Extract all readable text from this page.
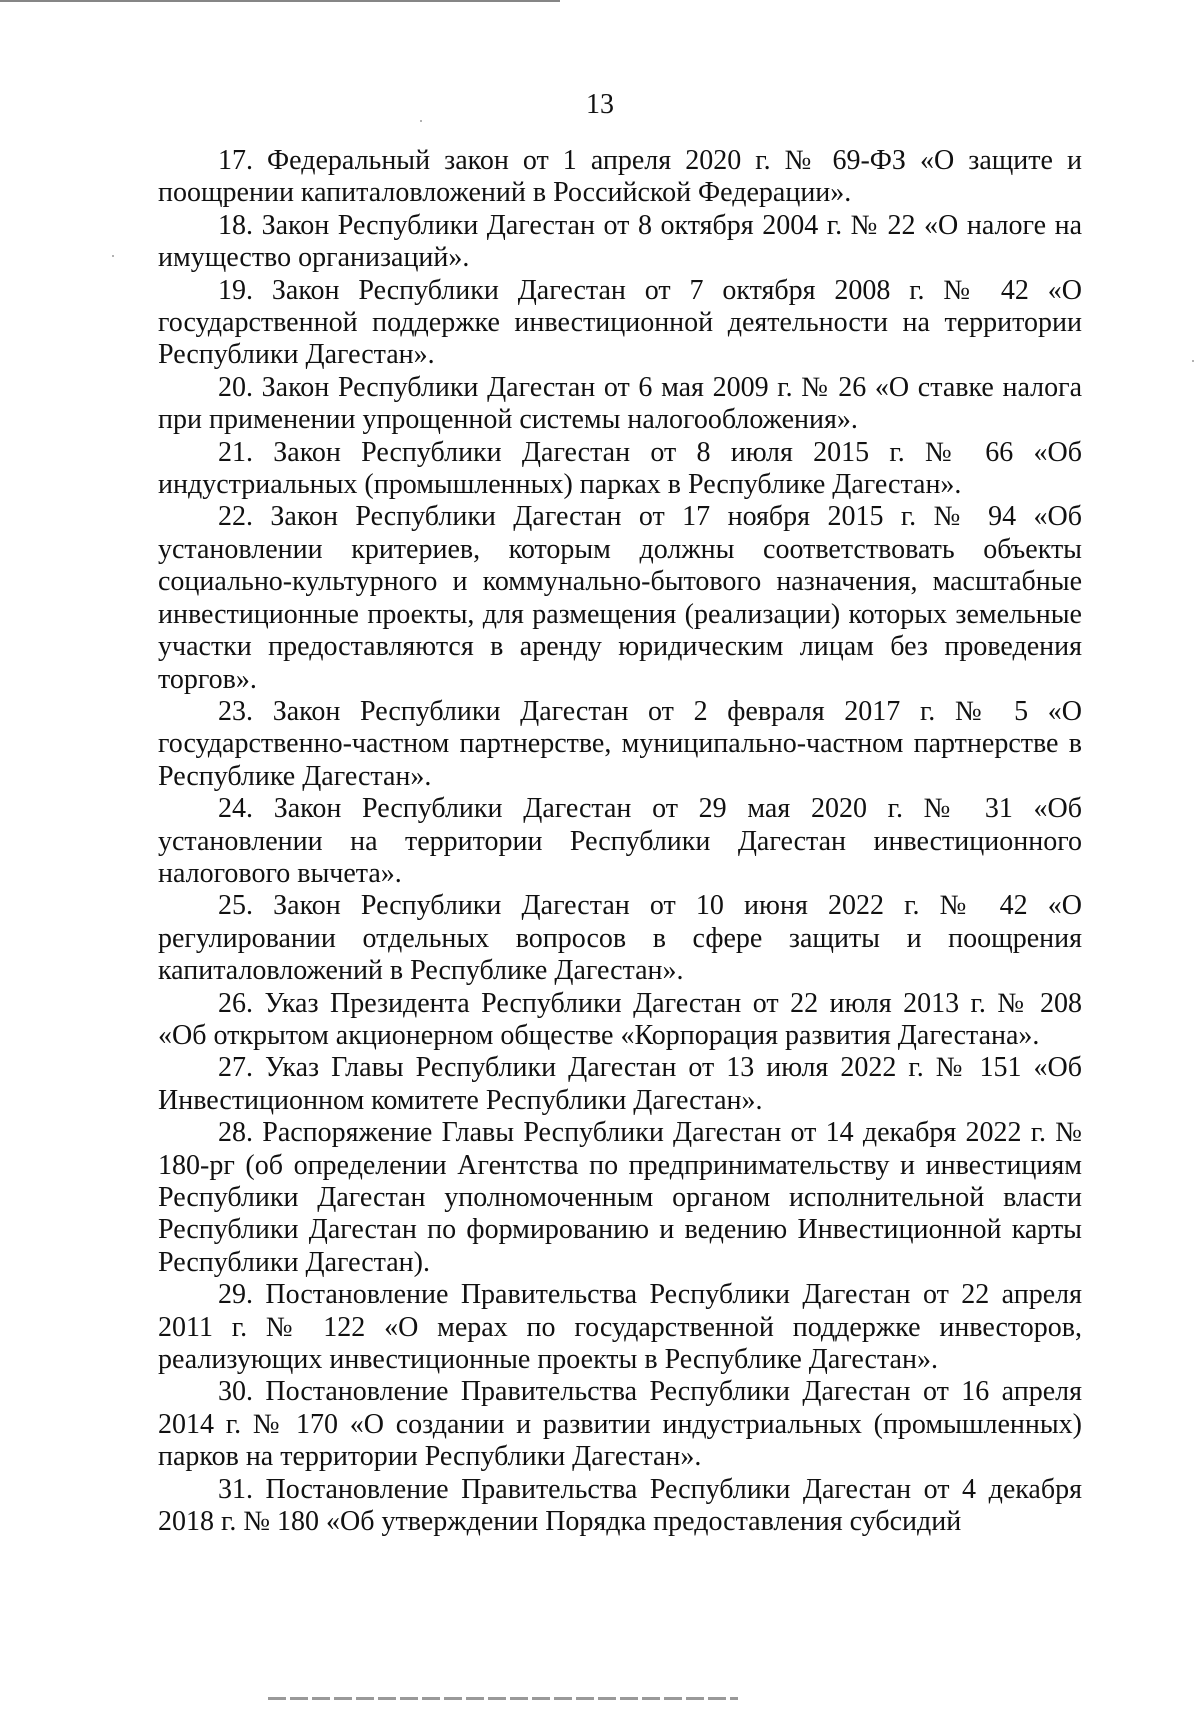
13

17. Федеральный закон от 1 апреля 2020 г. № 69-ФЗ «О защите и поощрении капиталовложений в Российской Федерации».

18. Закон Республики Дагестан от 8 октября 2004 г. № 22 «О налоге на имущество организаций».

19. Закон Республики Дагестан от 7 октября 2008 г. № 42 «О государственной поддержке инвестиционной деятельности на территории Республики Дагестан».

20. Закон Республики Дагестан от 6 мая 2009 г. № 26 «О ставке налога при применении упрощенной системы налогообложения».

21. Закон Республики Дагестан от 8 июля 2015 г. № 66 «Об индустриальных (промышленных) парках в Республике Дагестан».

22. Закон Республики Дагестан от 17 ноября 2015 г. № 94 «Об установлении критериев, которым должны соответствовать объекты социально-культурного и коммунально-бытового назначения, масштабные инвестиционные проекты, для размещения (реализации) которых земельные участки предоставляются в аренду юридическим лицам без проведения торгов».

23. Закон Республики Дагестан от 2 февраля 2017 г. № 5 «О государственно-частном партнерстве, муниципально-частном партнерстве в Республике Дагестан».

24. Закон Республики Дагестан от 29 мая 2020 г. № 31 «Об установлении на территории Республики Дагестан инвестиционного налогового вычета».

25. Закон Республики Дагестан от 10 июня 2022 г. № 42 «О регулировании отдельных вопросов в сфере защиты и поощрения капиталовложений в Республике Дагестан».

26. Указ Президента Республики Дагестан от 22 июля 2013 г. № 208 «Об открытом акционерном обществе «Корпорация развития Дагестана».

27. Указ Главы Республики Дагестан от 13 июля 2022 г. № 151 «Об Инвестиционном комитете Республики Дагестан».

28. Распоряжение Главы Республики Дагестан от 14 декабря 2022 г. № 180-рг (об определении Агентства по предпринимательству и инвестициям Республики Дагестан уполномоченным органом исполнительной власти Республики Дагестан по формированию и ведению Инвестиционной карты Республики Дагестан).

29. Постановление Правительства Республики Дагестан от 22 апреля 2011 г. № 122 «О мерах по государственной поддержке инвесторов, реализующих инвестиционные проекты в Республике Дагестан».

30. Постановление Правительства Республики Дагестан от 16 апреля 2014 г. № 170 «О создании и развитии индустриальных (промышленных) парков на территории Республики Дагестан».

31. Постановление Правительства Республики Дагестан от 4 декабря 2018 г. № 180 «Об утверждении Порядка предоставления субсидий
